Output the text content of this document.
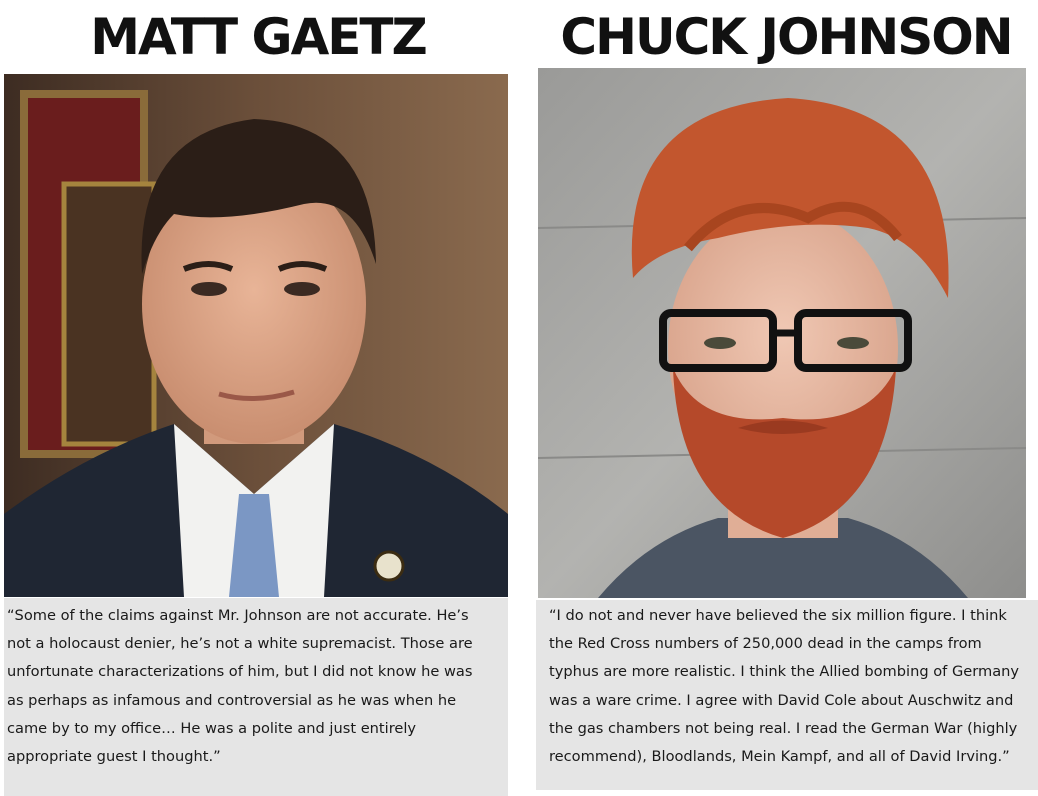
MATT GAETZ
“Some of the claims against Mr. Johnson are not accurate. He’s
not a holocaust denier, he’s not a white supremacist. Those are
unfortunate characterizations of him, but I did not know he was
as perhaps as infamous and controversial as he was when he
came by to my office… He was a polite and just entirely
appropriate guest I thought.”
CHUCK JOHNSON
“I do not and never have believed the six million figure. I think
the Red Cross numbers of 250,000 dead in the camps from
typhus are more realistic. I think the Allied bombing of Germany
was a ware crime. I agree with David Cole about Auschwitz and
the gas chambers not being real. I read the German War (highly
recommend), Bloodlands, Mein Kampf, and all of David Irving.”
